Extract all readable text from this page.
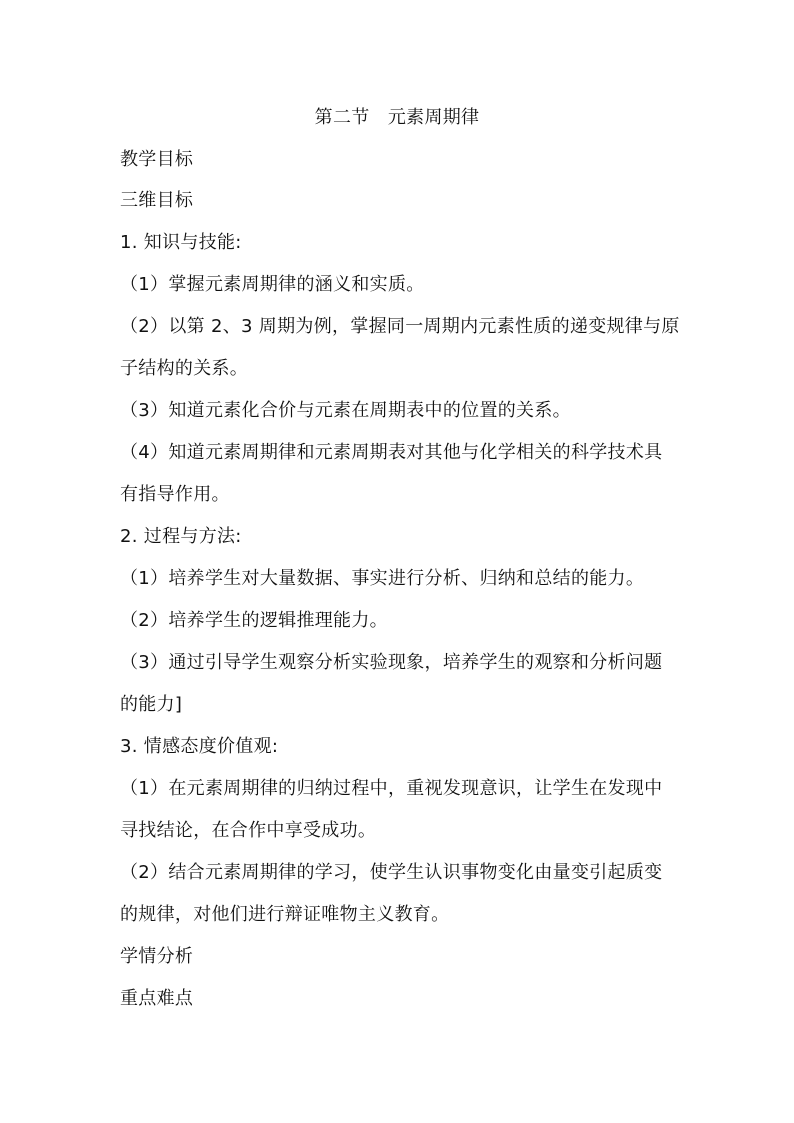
第二节　元素周期律
教学目标
三维目标
1. 知识与技能:
（1）掌握元素周期律的涵义和实质。
（2）以第 2、3 周期为例，掌握同一周期内元素性质的递变规律与原
子结构的关系。
（3）知道元素化合价与元素在周期表中的位置的关系。
（4）知道元素周期律和元素周期表对其他与化学相关的科学技术具
有指导作用。
2. 过程与方法:
（1）培养学生对大量数据、事实进行分析、归纳和总结的能力。
（2）培养学生的逻辑推理能力。
（3）通过引导学生观察分析实验现象，培养学生的观察和分析问题
的能力]
3. 情感态度价值观:
（1）在元素周期律的归纳过程中，重视发现意识，让学生在发现中
寻找结论，在合作中享受成功。
（2）结合元素周期律的学习，使学生认识事物变化由量变引起质变
的规律，对他们进行辩证唯物主义教育。
学情分析
重点难点
